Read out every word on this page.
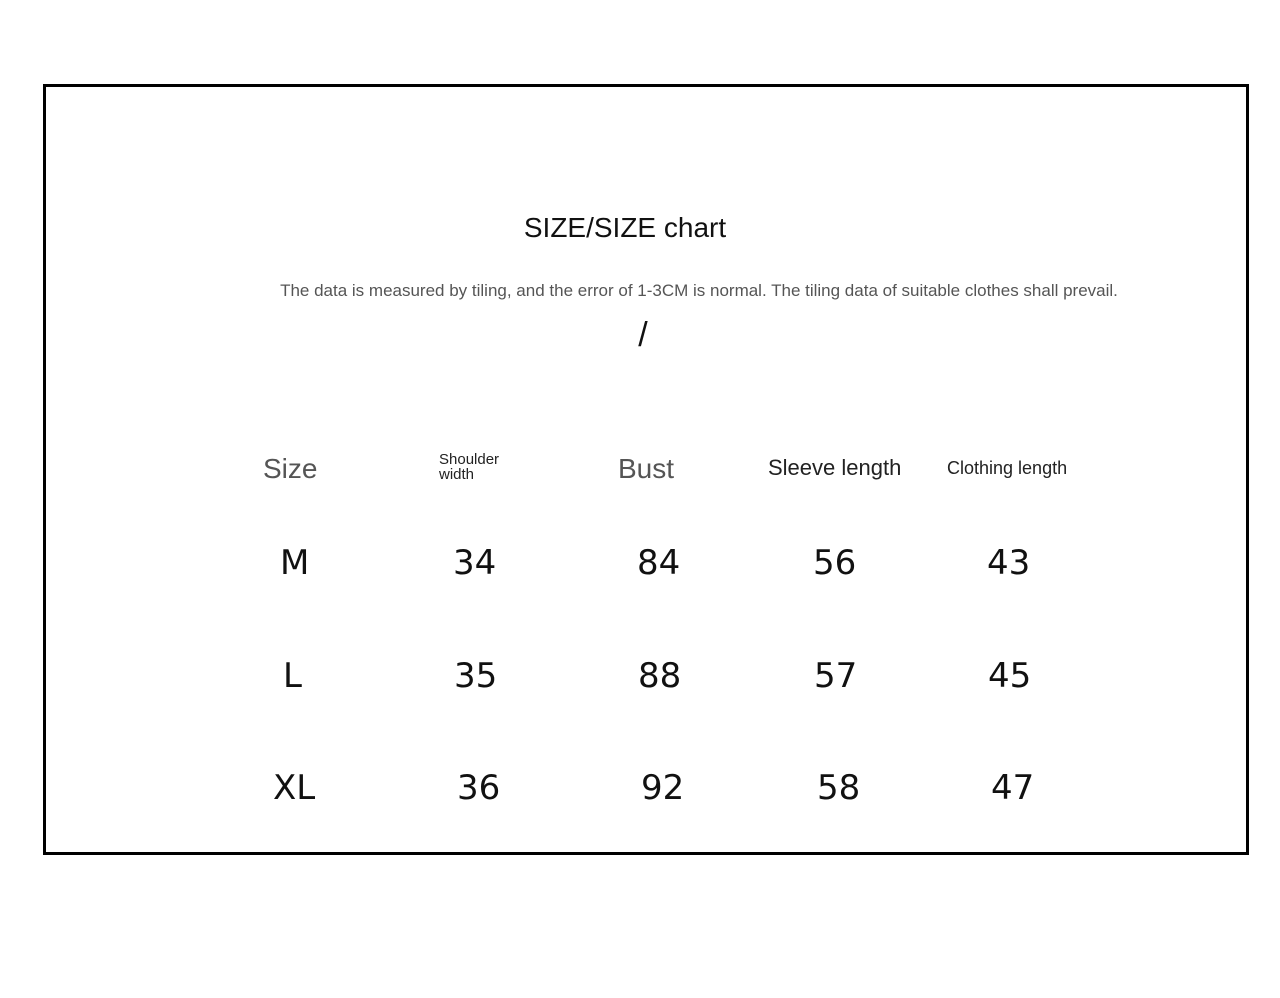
SIZE/SIZE chart
The data is measured by tiling, and the error of 1-3CM is normal. The tiling data of suitable clothes shall prevail.
/
Size	Shoulder width	Bust	Sleeve length	Clothing length
M	34	84	56	43
L	35	88	57	45
XL	36	92	58	47
